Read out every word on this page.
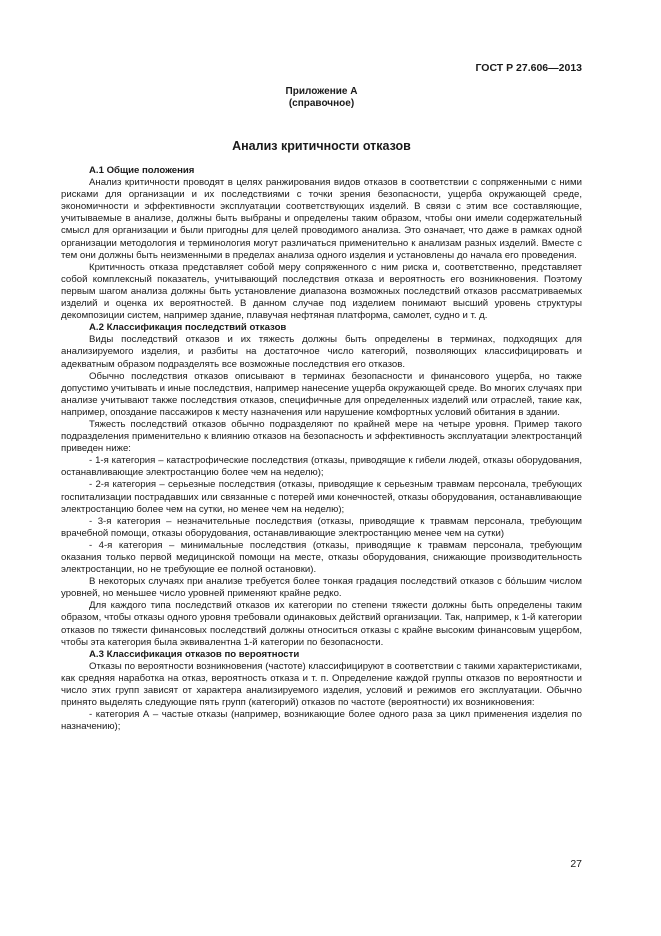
ГОСТ Р 27.606—2013
Приложение А
(справочное)
Анализ критичности отказов
А.1 Общие положения

Анализ критичности проводят в целях ранжирования видов отказов в соответствии с сопряженными с ними рисками для организации и их последствиями с точки зрения безопасности, ущерба окружающей среде, экономичности и эффективности эксплуатации соответствующих изделий. В связи с этим все составляющие, учитываемые в анализе, должны быть выбраны и определены таким образом, чтобы они имели содержательный смысл для организации и были пригодны для целей проводимого анализа. Это означает, что даже в рамках одной организации методология и терминология могут различаться применительно к анализам разных изделий. Вместе с тем они должны быть неизменными в пределах анализа одного изделия и установлены до начала его проведения.

Критичность отказа представляет собой меру сопряженного с ним риска и, соответственно, представляет собой комплексный показатель, учитывающий последствия отказа и вероятность его возникновения. Поэтому первым шагом анализа должны быть установление диапазона возможных последствий отказов рассматриваемых изделий и оценка их вероятностей. В данном случае под изделием понимают высший уровень структуры декомпозиции систем, например здание, плавучая нефтяная платформа, самолет, судно и т. д.

А.2 Классификация последствий отказов

Виды последствий отказов и их тяжесть должны быть определены в терминах, подходящих для анализируемого изделия, и разбиты на достаточное число категорий, позволяющих классифицировать и адекватным образом подразделять все возможные последствия его отказов.

Обычно последствия отказов описывают в терминах безопасности и финансового ущерба, но также допустимо учитывать и иные последствия, например нанесение ущерба окружающей среде. Во многих случаях при анализе учитывают также последствия отказов, специфичные для определенных изделий или отраслей, такие как, например, опоздание пассажиров к месту назначения или нарушение комфортных условий обитания в здании.

Тяжесть последствий отказов обычно подразделяют по крайней мере на четыре уровня. Пример такого подразделения применительно к влиянию отказов на безопасность и эффективность эксплуатации электростанций приведен ниже:

- 1-я категория – катастрофические последствия (отказы, приводящие к гибели людей, отказы оборудования, останавливающие электростанцию более чем на неделю);

- 2-я категория – серьезные последствия (отказы, приводящие к серьезным травмам персонала, требующих госпитализации пострадавших или связанные с потерей ими конечностей, отказы оборудования, останавливающие электростанцию более чем на сутки, но менее чем на неделю);

- 3-я категория – незначительные последствия (отказы, приводящие к травмам персонала, требующим врачебной помощи, отказы оборудования, останавливающие электростанцию менее чем на сутки)

- 4-я категория – минимальные последствия (отказы, приводящие к травмам персонала, требующим оказания только первой медицинской помощи на месте, отказы оборудования, снижающие производительность электростанции, но не требующие ее полной остановки).

В некоторых случаях при анализе требуется более тонкая градация последствий отказов с бо́льшим числом уровней, но меньшее число уровней применяют крайне редко.

Для каждого типа последствий отказов их категории по степени тяжести должны быть определены таким образом, чтобы отказы одного уровня требовали одинаковых действий организации. Так, например, к 1-й категории отказов по тяжести финансовых последствий должны относиться отказы с крайне высоким финансовым ущербом, чтобы эта категория была эквивалентна 1-й категории по безопасности.

А.3 Классификация отказов по вероятности

Отказы по вероятности возникновения (частоте) классифицируют в соответствии с такими характеристиками, как средняя наработка на отказ, вероятность отказа и т. п. Определение каждой группы отказов по вероятности и число этих групп зависят от характера анализируемого изделия, условий и режимов его эксплуатации. Обычно принято выделять следующие пять групп (категорий) отказов по частоте (вероятности) их возникновения:

- категория А – частые отказы (например, возникающие более одного раза за цикл применения изделия по назначению);

27
